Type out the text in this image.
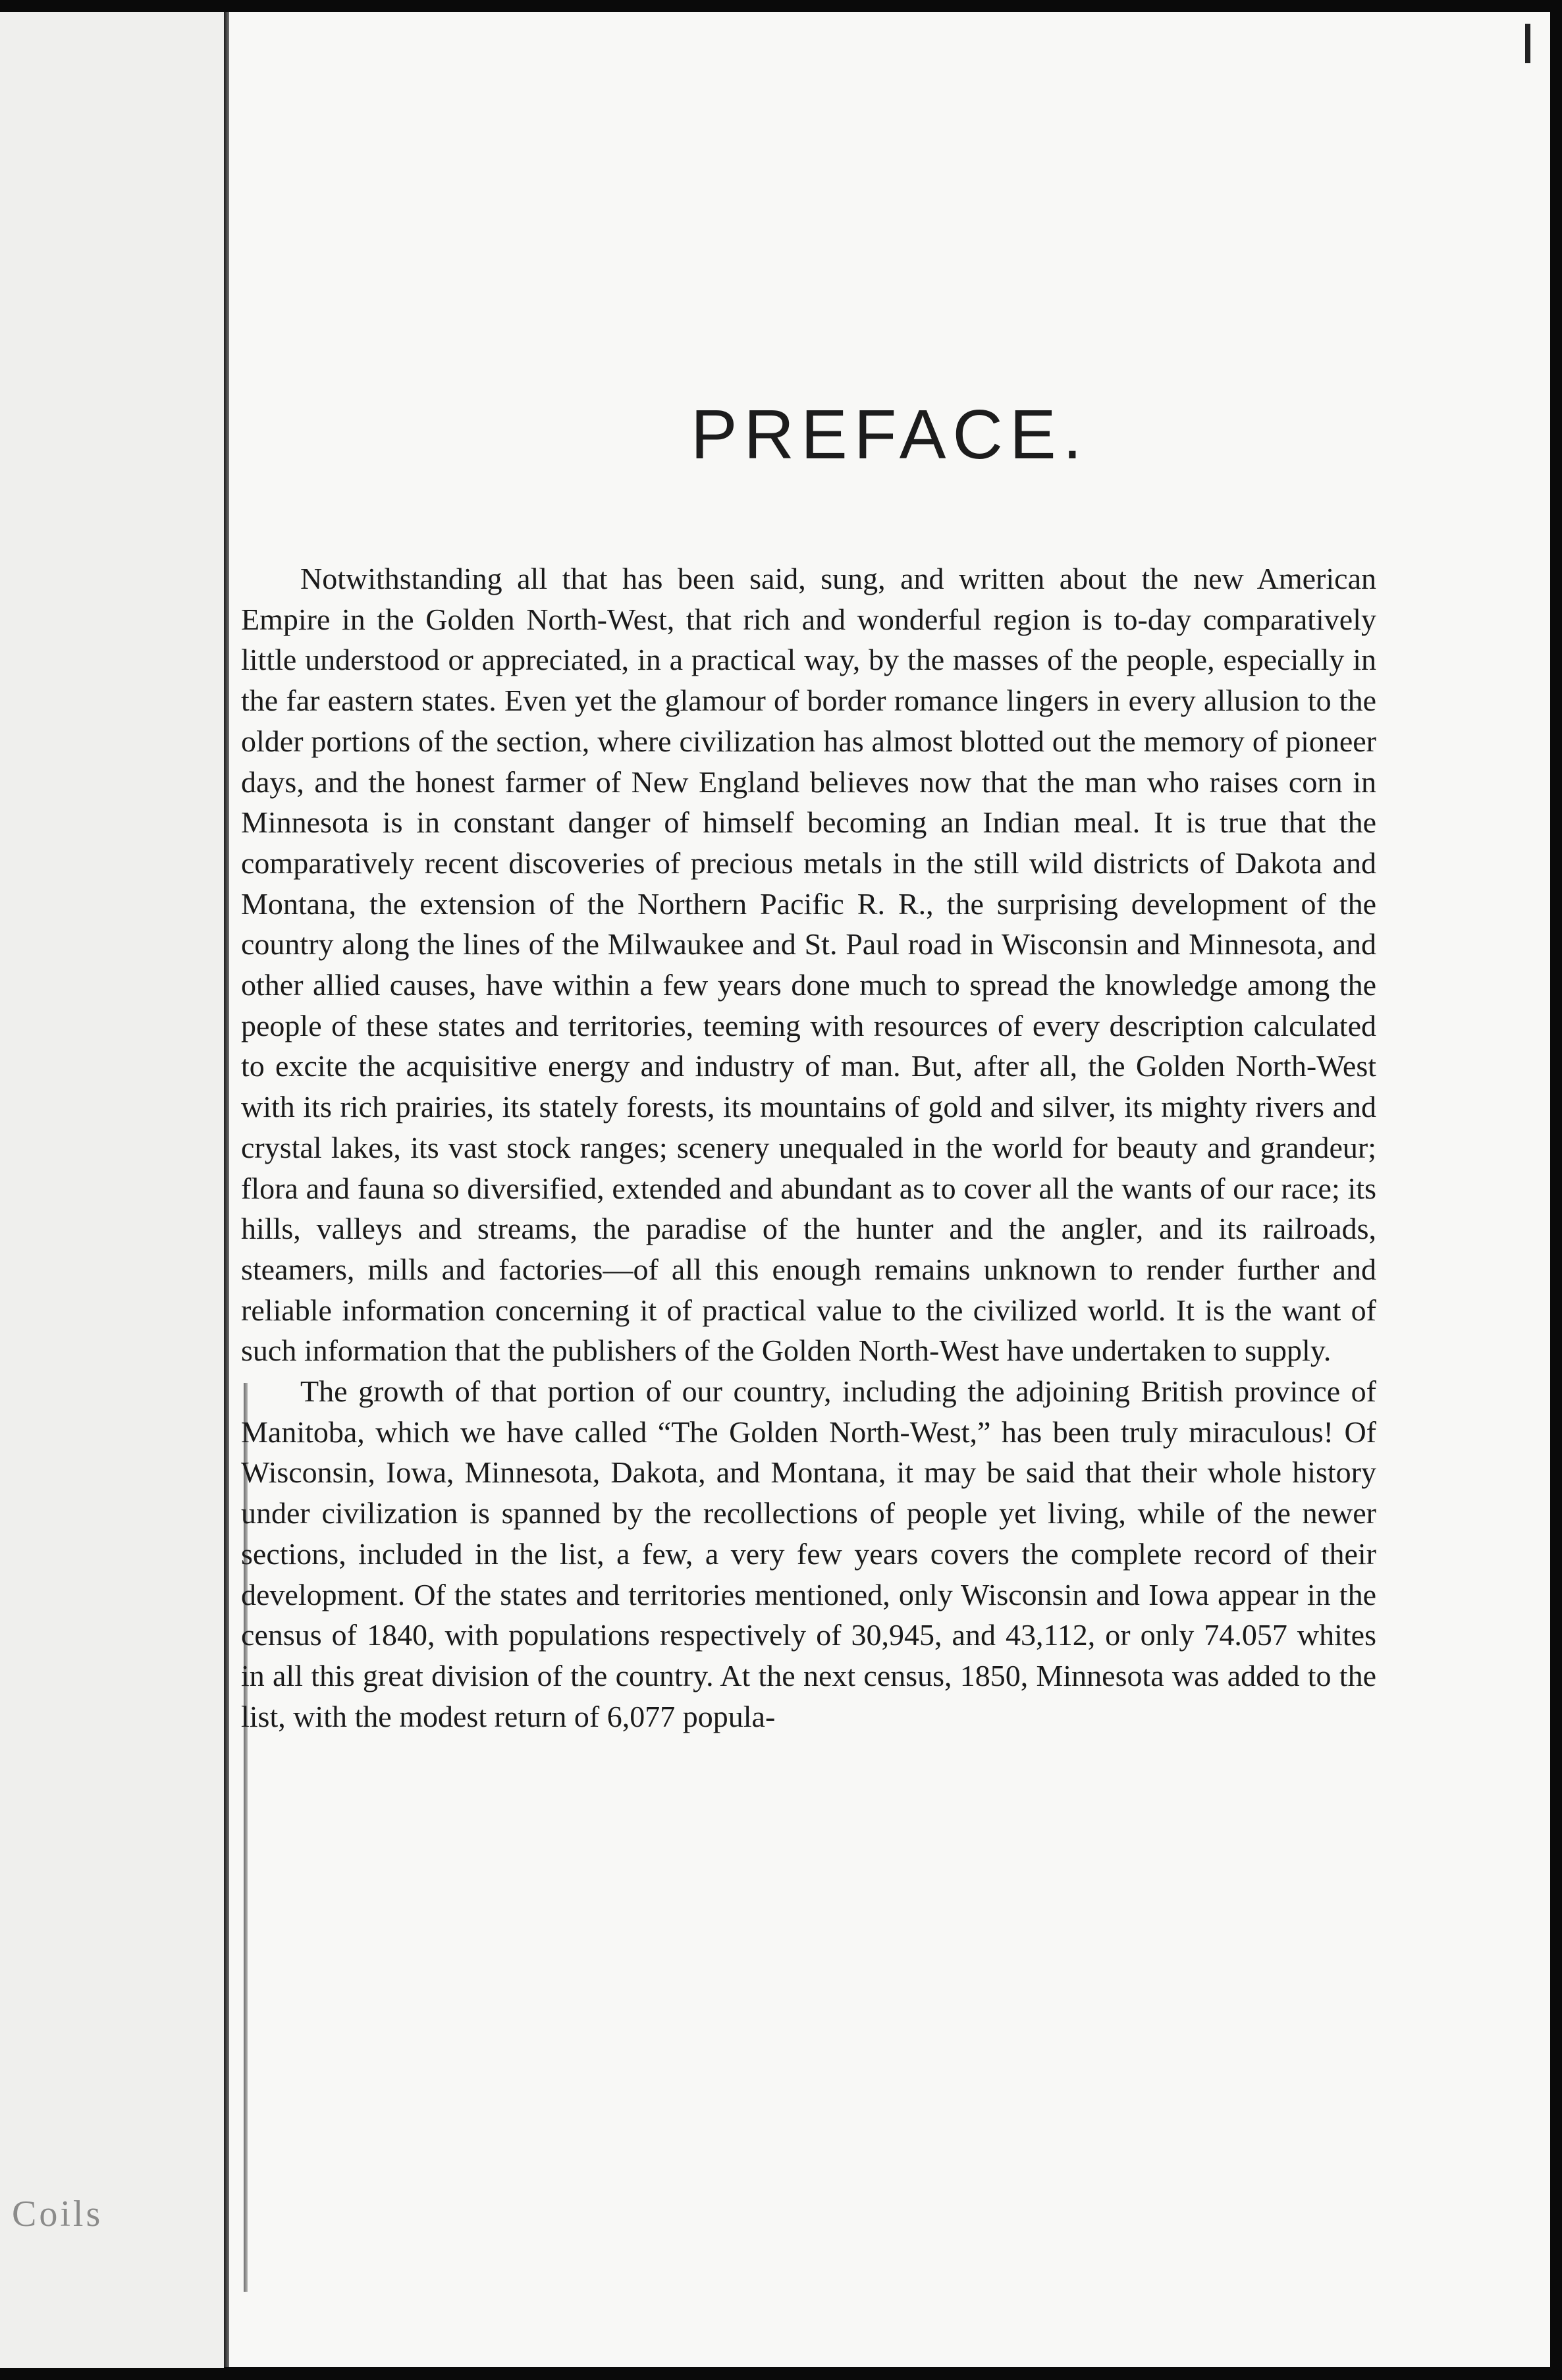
PREFACE.

Notwithstanding all that has been said, sung, and written about the new American Empire in the Golden North-West, that rich and wonderful region is to-day comparatively little understood or appreciated, in a practical way, by the masses of the people, especially in the far eastern states. Even yet the glamour of border romance lingers in every allusion to the older portions of the section, where civilization has almost blotted out the memory of pioneer days, and the honest farmer of New England believes now that the man who raises corn in Minnesota is in constant danger of himself becoming an Indian meal. It is true that the comparatively recent discoveries of precious metals in the still wild districts of Dakota and Montana, the extension of the Northern Pacific R. R., the surprising development of the country along the lines of the Milwaukee and St. Paul road in Wisconsin and Minnesota, and other allied causes, have within a few years done much to spread the knowledge among the people of these states and territories, teeming with resources of every description calculated to excite the acquisitive energy and industry of man. But, after all, the Golden North-West with its rich prairies, its stately forests, its mountains of gold and silver, its mighty rivers and crystal lakes, its vast stock ranges; scenery unequaled in the world for beauty and grandeur; flora and fauna so diversified, extended and abundant as to cover all the wants of our race; its hills, valleys and streams, the paradise of the hunter and the angler, and its railroads, steamers, mills and factories—of all this enough remains unknown to render further and reliable information concerning it of practical value to the civilized world. It is the want of such information that the publishers of the Golden North-West have undertaken to supply.

The growth of that portion of our country, including the adjoining British province of Manitoba, which we have called “The Golden North-West,” has been truly miraculous! Of Wisconsin, Iowa, Minnesota, Dakota, and Montana, it may be said that their whole history under civilization is spanned by the recollections of people yet living, while of the newer sections, included in the list, a few, a very few years covers the complete record of their development. Of the states and territories mentioned, only Wisconsin and Iowa appear in the census of 1840, with populations respectively of 30,945, and 43,112, or only 74.057 whites in all this great division of the country. At the next census, 1850, Minnesota was added to the list, with the modest return of 6,077 popula-

Coils
